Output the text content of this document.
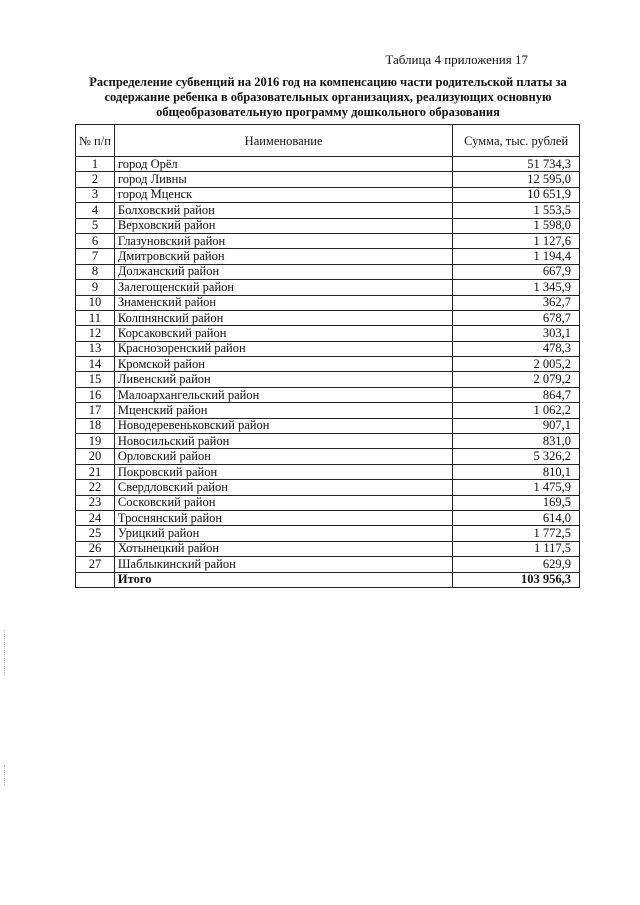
Таблица 4 приложения 17
Распределение субвенций на 2016 год на компенсацию части родительской платы за
содержание ребенка в образовательных организациях, реализующих основную
общеобразовательную программу дошкольного образования
№ п/п	Наименование	Сумма, тыс. рублей
1	город Орёл	51 734,3
2	город Ливны	12 595,0
3	город Мценск	10 651,9
4	Болховский район	1 553,5
5	Верховский район	1 598,0
6	Глазуновский район	1 127,6
7	Дмитровский район	1 194,4
8	Должанский район	667,9
9	Залегощенский район	1 345,9
10	Знаменский район	362,7
11	Колпнянский район	678,7
12	Корсаковский район	303,1
13	Краснозоренский район	478,3
14	Кромской район	2 005,2
15	Ливенский район	2 079,2
16	Малоархангельский район	864,7
17	Мценский район	1 062,2
18	Новодеревеньковский район	907,1
19	Новосильский район	831,0
20	Орловский район	5 326,2
21	Покровский район	810,1
22	Свердловский район	1 475,9
23	Сосковский район	169,5
24	Троснянский район	614,0
25	Урицкий район	1 772,5
26	Хотынецкий район	1 117,5
27	Шаблыкинский район	629,9
	Итого	103 956,3
